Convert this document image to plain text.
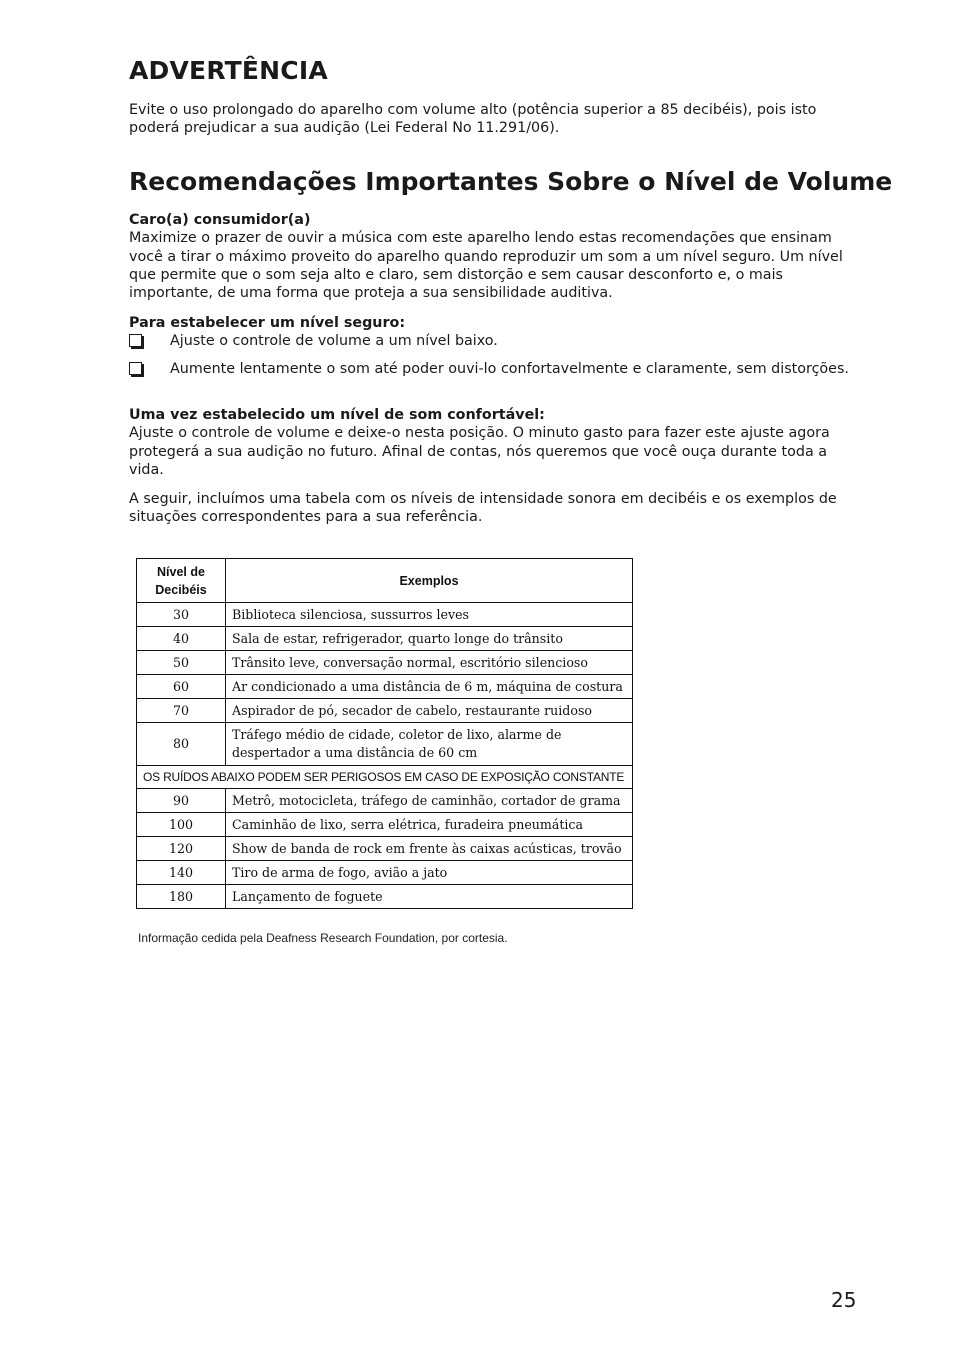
ADVERTÊNCIA

Evite o uso prolongado do aparelho com volume alto (potência superior a 85 decibéis), pois isto poderá prejudicar a sua audição (Lei Federal No 11.291/06).

Recomendações Importantes Sobre o Nível de Volume

Caro(a) consumidor(a)

Maximize o prazer de ouvir a música com este aparelho lendo estas recomendações que ensinam você a tirar o máximo proveito do aparelho quando reproduzir um som a um nível seguro. Um nível que permite que o som seja alto e claro, sem distorção e sem causar desconforto e, o mais importante, de uma forma que proteja a sua sensibilidade auditiva.

Para estabelecer um nível seguro:

Ajuste o controle de volume a um nível baixo.
Aumente lentamente o som até poder ouvi-lo confortavelmente e claramente, sem distorções.

Uma vez estabelecido um nível de som confortável:

Ajuste o controle de volume e deixe-o nesta posição. O minuto gasto para fazer este ajuste agora protegerá a sua audição no futuro. Afinal de contas, nós queremos que você ouça durante toda a vida.

A seguir, incluímos uma tabela com os níveis de intensidade sonora em decibéis e os exemplos de situações correspondentes para a sua referência.

Nível de
Decibéis	Exemplos
30	Biblioteca silenciosa, sussurros leves
40	Sala de estar, refrigerador, quarto longe do trânsito
50	Trânsito leve, conversação normal, escritório silencioso
60	Ar condicionado a uma distância de 6 m, máquina de costura
70	Aspirador de pó, secador de cabelo, restaurante ruidoso
80	Tráfego médio de cidade, coletor de lixo, alarme de despertador a uma distância de 60 cm
OS RUÍDOS ABAIXO PODEM SER PERIGOSOS EM CASO DE EXPOSIÇÃO CONSTANTE	
90	Metrô, motocicleta, tráfego de caminhão, cortador de grama
100	Caminhão de lixo, serra elétrica, furadeira pneumática
120	Show de banda de rock em frente às caixas acústicas, trovão
140	Tiro de arma de fogo, avião a jato
180	Lançamento de foguete

Informação cedida pela Deafness Research Foundation, por cortesia.

25
